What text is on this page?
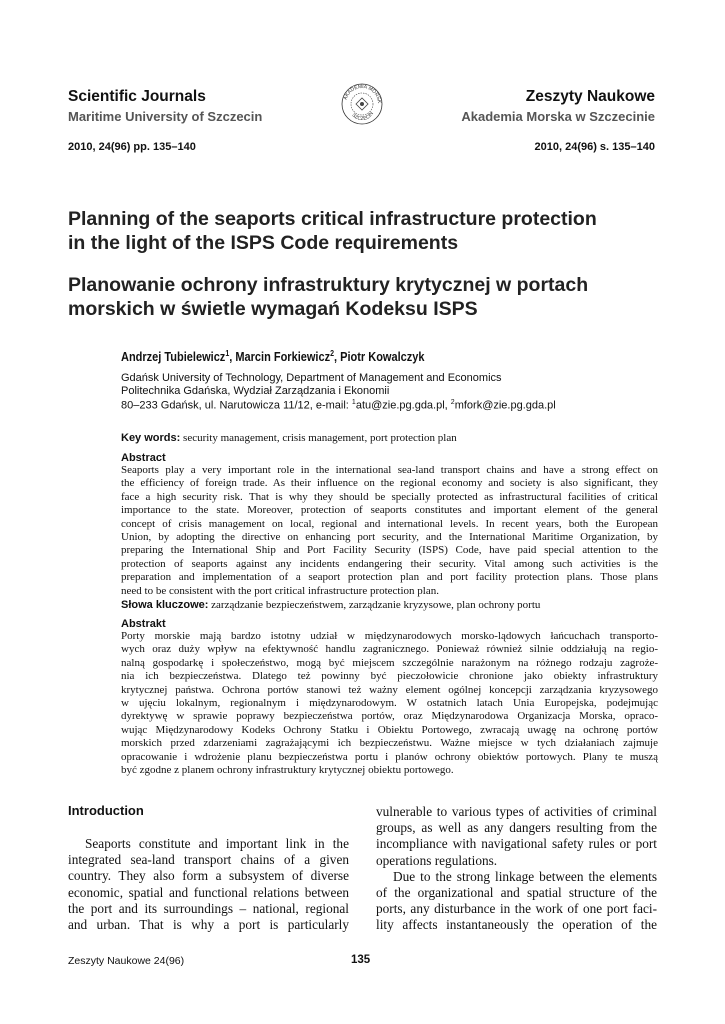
Scientific Journals
Maritime University of Szczecin
AKADEMIA MORSK
SZCZECIN
Zeszyty Naukowe
Akademia Morska w Szczecinie
2010, 24(96) pp. 135–140	2010, 24(96) s. 135–140
Planning of the seaports critical infrastructure protection
in the light of the ISPS Code requirements
Planowanie ochrony infrastruktury krytycznej w portach
morskich w świetle wymagań Kodeksu ISPS
Andrzej Tubielewicz$^1$, Marcin Forkiewicz$^2$, Piotr Kowalczyk
Gdańsk University of Technology, Department of Management and Economics
Politechnika Gdańska, Wydział Zarządzania i Ekonomii
80–233 Gdańsk, ul. Narutowicza 11/12, e-mail: $^1$atu@zie.pg.gda.pl, $^2$mfork@zie.pg.gda.pl
Key words: security management, crisis management, port protection plan
Abstract
Seaports play a very important role in the international sea-land transport chains and have a strong effect on
the efficiency of foreign trade. As their influence on the regional economy and society is also significant, they
face a high security risk. That is why they should be specially protected as infrastructural facilities of critical
importance to the state. Moreover, protection of seaports constitutes and important element of the general
concept of crisis management on local, regional and international levels. In recent years, both the European
Union, by adopting the directive on enhancing port security, and the International Maritime Organization, by
preparing the International Ship and Port Facility Security (ISPS) Code, have paid special attention to the
protection of seaports against any incidents endangering their security. Vital among such activities is the
preparation and implementation of a seaport protection plan and port facility protection plans. Those plans
need to be consistent with the port critical infrastructure protection plan.
Słowa kluczowe: zarządzanie bezpieczeństwem, zarządzanie kryzysowe, plan ochrony portu
Abstrakt
Porty morskie mają bardzo istotny udział w międzynarodowych morsko-lądowych łańcuchach transporto-
wych oraz duży wpływ na efektywność handlu zagranicznego. Ponieważ również silnie oddziałują na regio-
nalną gospodarkę i społeczeństwo, mogą być miejscem szczególnie narażonym na różnego rodzaju zagroże-
nia ich bezpieczeństwa. Dlatego też powinny być pieczołowicie chronione jako obiekty infrastruktury
krytycznej państwa. Ochrona portów stanowi też ważny element ogólnej koncepcji zarządzania kryzysowego
w ujęciu lokalnym, regionalnym i międzynarodowym. W ostatnich latach Unia Europejska, podejmując
dyrektywę w sprawie poprawy bezpieczeństwa portów, oraz Międzynarodowa Organizacja Morska, opraco-
wując Międzynarodowy Kodeks Ochrony Statku i Obiektu Portowego, zwracają uwagę na ochronę portów
morskich przed zdarzeniami zagrażającymi ich bezpieczeństwu. Ważne miejsce w tych działaniach zajmuje
opracowanie i wdrożenie planu bezpieczeństwa portu i planów ochrony obiektów portowych. Plany te muszą
być zgodne z planem ochrony infrastruktury krytycznej obiektu portowego.
Introduction
Seaports constitute and important link in the
integrated sea-land transport chains of a given
country. They also form a subsystem of diverse
economic, spatial and functional relations between
the port and its surroundings – national, regional
and urban. That is why a port is particularly
vulnerable to various types of activities of criminal
groups, as well as any dangers resulting from the
incompliance with navigational safety rules or port
operations regulations.
Due to the strong linkage between the elements
of the organizational and spatial structure of the
ports, any disturbance in the work of one port faci-
lity affects instantaneously the operation of the
Zeszyty Naukowe 24(96)	135
